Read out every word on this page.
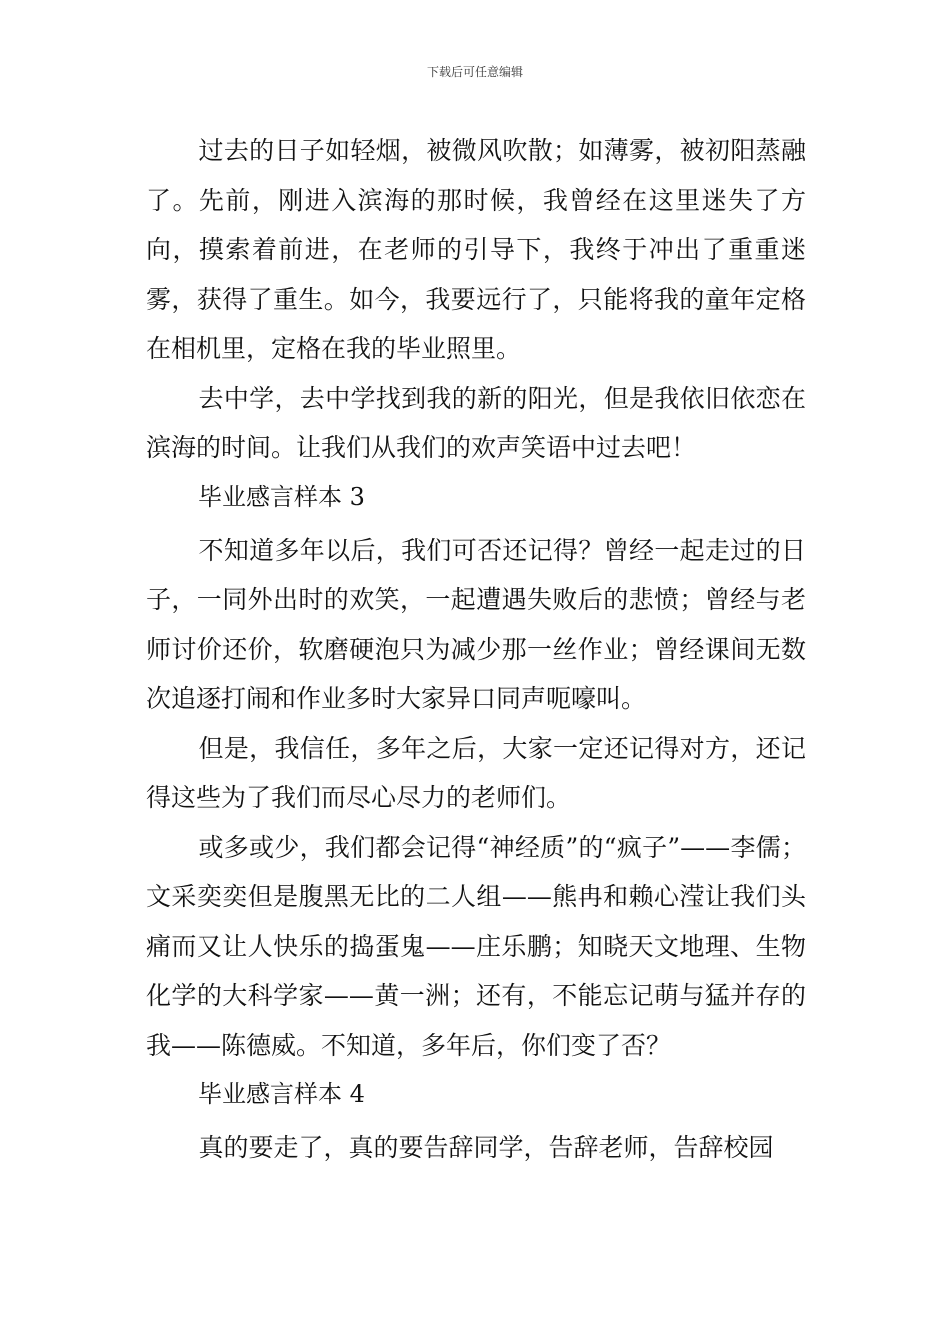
下载后可任意编辑

过去的日子如轻烟，被微风吹散；如薄雾，被初阳蒸融了。先前，刚进入滨海的那时候，我曾经在这里迷失了方向，摸索着前进，在老师的引导下，我终于冲出了重重迷雾，获得了重生。如今，我要远行了，只能将我的童年定格在相机里，定格在我的毕业照里。

去中学，去中学找到我的新的阳光，但是我依旧依恋在滨海的时间。让我们从我们的欢声笑语中过去吧！

毕业感言样本 3

不知道多年以后，我们可否还记得？曾经一起走过的日子，一同外出时的欢笑，一起遭遇失败后的悲愤；曾经与老师讨价还价，软磨硬泡只为减少那一丝作业；曾经课间无数次追逐打闹和作业多时大家异口同声呃嚎叫。

但是，我信任，多年之后，大家一定还记得对方，还记得这些为了我们而尽心尽力的老师们。

或多或少，我们都会记得“神经质”的“疯子”——李儒；文采奕奕但是腹黑无比的二人组——熊冉和赖心滢让我们头痛而又让人快乐的捣蛋鬼——庄乐鹏；知晓天文地理、生物化学的大科学家——黄一洲；还有，不能忘记萌与猛并存的我——陈德威。不知道，多年后，你们变了否？

毕业感言样本 4

真的要走了，真的要告辞同学，告辞老师，告辞校园
